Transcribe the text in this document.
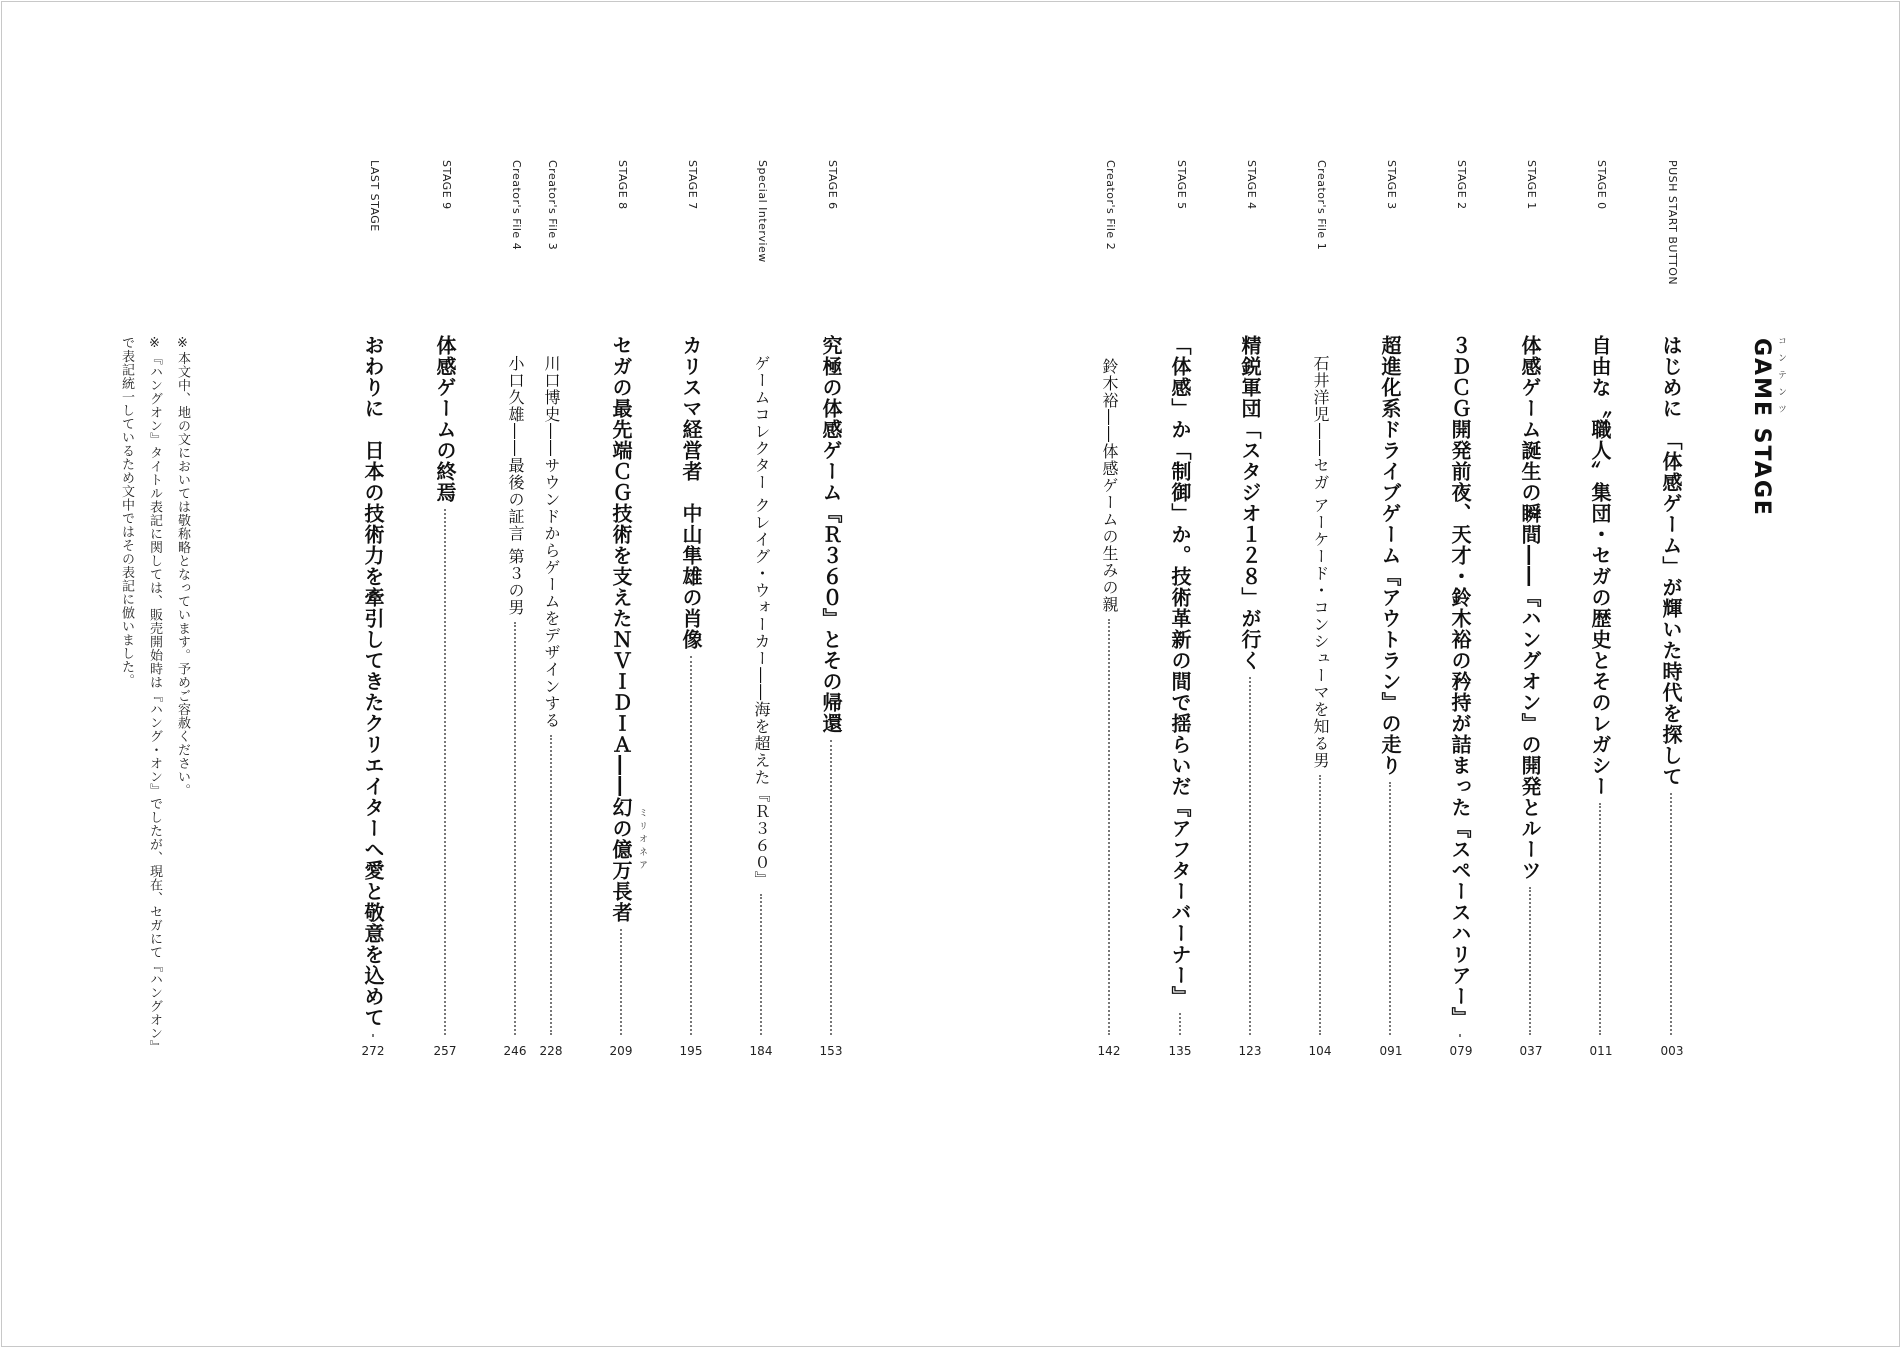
GAME STAGE コンテンツ
PUSH START BUTTON
はじめに　「体感ゲーム」が輝いた時代を探して
003
STAGE 0
自由な〝職人〟集団・セガの歴史とそのレガシー
011
STAGE 1
体感ゲーム誕生の瞬間――『ハングオン』の開発とルーツ
037
STAGE 2
３ＤＣＧ開発前夜、天才・鈴木裕の矜持が詰まった『スペースハリアー』
079
STAGE 3
超進化系ドライブゲーム『アウトラン』の走り
091
Creator's File 1
石井洋児――セガ アーケード・コンシューマを知る男
104
STAGE 4
精鋭軍団「スタジオ１２８」が行く
123
STAGE 5
「体感」か「制御」か。技術革新の間で揺らいだ『アフターバーナー』
135
Creator's File 2
鈴木裕――体感ゲームの生みの親
142
STAGE 6
究極の体感ゲーム『Ｒ３６０』とその帰還
153
Special Interview
ゲームコレクター クレイグ・ウォーカー――海を超えた『Ｒ３６０』
184
STAGE 7
カリスマ経営者　中山隼雄の肖像
195
STAGE 8
セガの最先端ＣＧ技術を支えたＮＶＩＤＩＡ――幻の億万長者 ミリオネア
209
Creator's File 3
川口博史――サウンドからゲームをデザインする
228
Creator's File 4
小口久雄――最後の証言 第３の男
246
STAGE 9
体感ゲームの終焉
257
LAST STAGE
おわりに　日本の技術力を牽引してきたクリエイターへ愛と敬意を込めて
272
※本文中、地の文においては敬称略となっています。予めご容赦ください。
※『ハングオン』タイトル表記に関しては、販売開始時は『ハング・オン』でしたが、現在、セガにて『ハングオン』
で表記統一しているため文中ではその表記に倣いました。
